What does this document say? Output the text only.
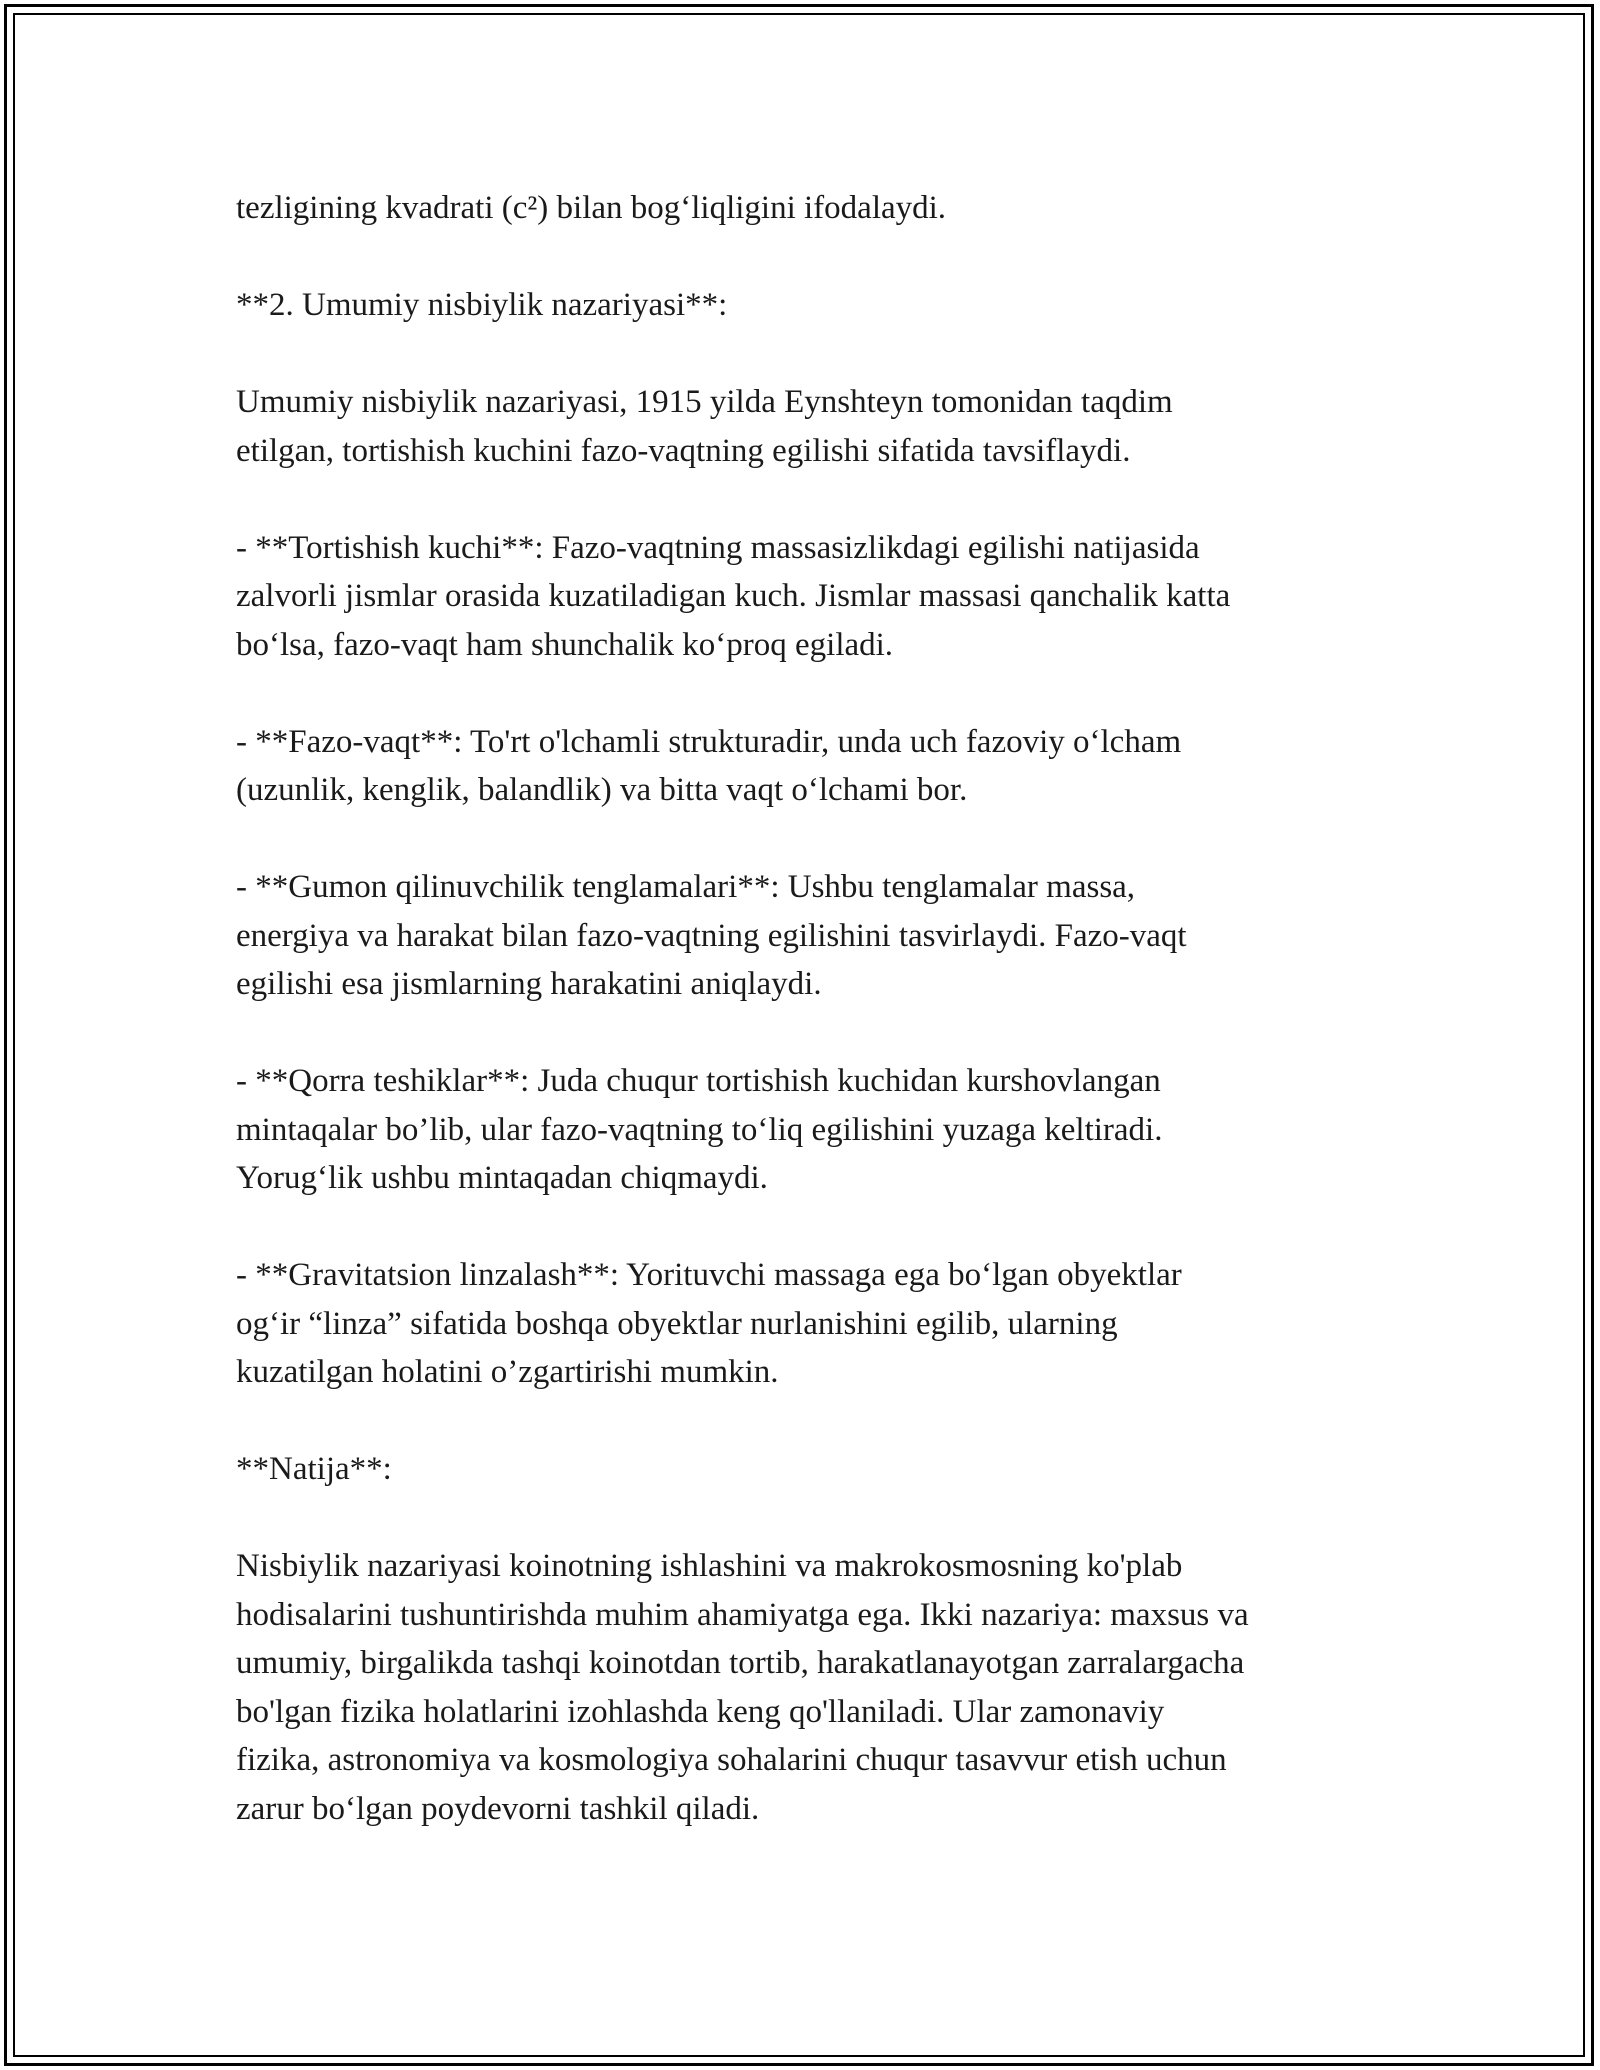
tezligining kvadrati (c²) bilan bog‘liqligini ifodalaydi.
**2. Umumiy nisbiylik nazariyasi**:
Umumiy nisbiylik nazariyasi, 1915 yilda Eynshteyn tomonidan taqdim
etilgan, tortishish kuchini fazo-vaqtning egilishi sifatida tavsiflaydi.
- **Tortishish kuchi**: Fazo-vaqtning massasizlikdagi egilishi natijasida
zalvorli jismlar orasida kuzatiladigan kuch. Jismlar massasi qanchalik katta
bo‘lsa, fazo-vaqt ham shunchalik ko‘proq egiladi.
- **Fazo-vaqt**: To'rt o'lchamli strukturadir, unda uch fazoviy o‘lcham
(uzunlik, kenglik, balandlik) va bitta vaqt o‘lchami bor.
- **Gumon qilinuvchilik tenglamalari**: Ushbu tenglamalar massa,
energiya va harakat bilan fazo-vaqtning egilishini tasvirlaydi. Fazo-vaqt
egilishi esa jismlarning harakatini aniqlaydi.
- **Qorra teshiklar**: Juda chuqur tortishish kuchidan kurshovlangan
mintaqalar bo’lib, ular fazo-vaqtning to‘liq egilishini yuzaga keltiradi.
Yorug‘lik ushbu mintaqadan chiqmaydi.
- **Gravitatsion linzalash**: Yorituvchi massaga ega bo‘lgan obyektlar
og‘ir “linza” sifatida boshqa obyektlar nurlanishini egilib, ularning
kuzatilgan holatini o’zgartirishi mumkin.
**Natija**:
Nisbiylik nazariyasi koinotning ishlashini va makrokosmosning ko'plab
hodisalarini tushuntirishda muhim ahamiyatga ega. Ikki nazariya: maxsus va
umumiy, birgalikda tashqi koinotdan tortib, harakatlanayotgan zarralargacha
bo'lgan fizika holatlarini izohlashda keng qo'llaniladi. Ular zamonaviy
fizika, astronomiya va kosmologiya sohalarini chuqur tasavvur etish uchun
zarur bo‘lgan poydevorni tashkil qiladi.
